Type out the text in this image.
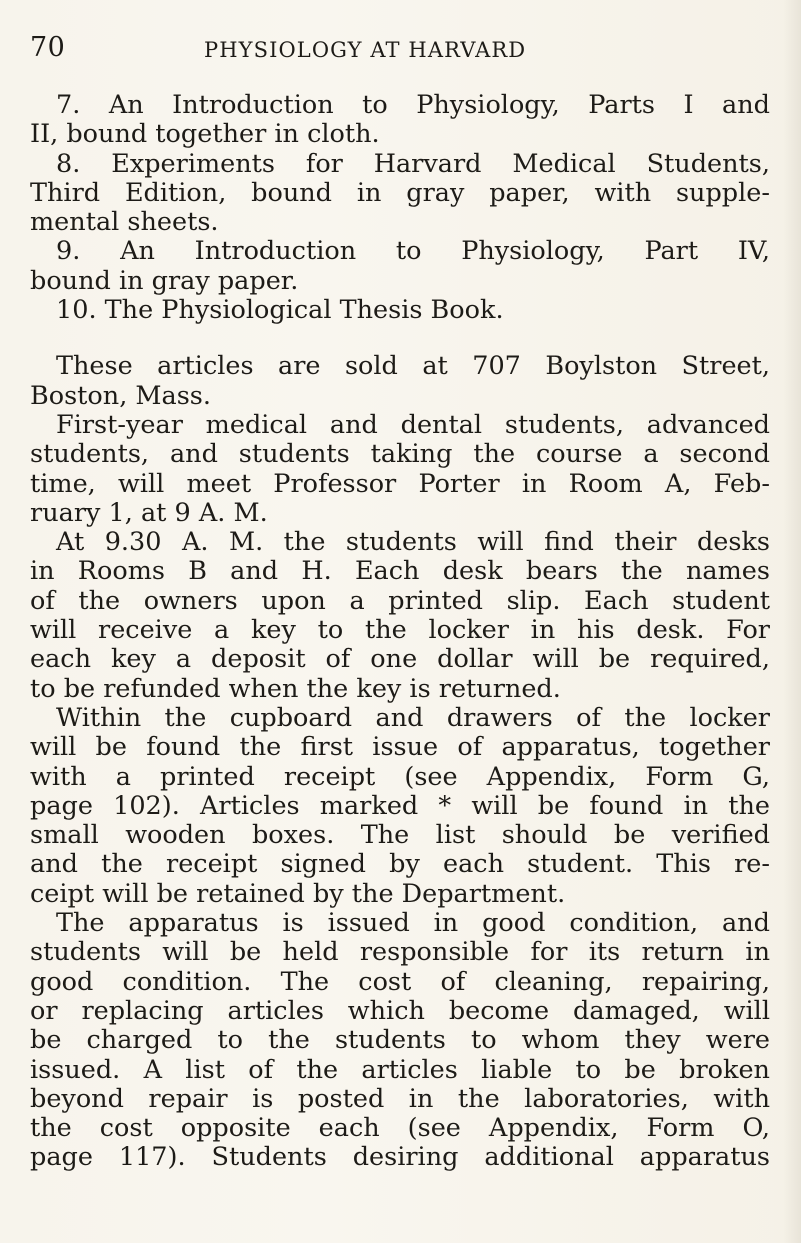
70	PHYSIOLOGY AT HARVARD
7. An Introduction to Physiology, Parts I and
II, bound together in cloth.
8. Experiments for Harvard Medical Students,
Third Edition, bound in gray paper, with supple-
mental sheets.
9. An Introduction to Physiology, Part IV,
bound in gray paper.
10. The Physiological Thesis Book.
These articles are sold at 707 Boylston Street,
Boston, Mass.
First-year medical and dental students, advanced
students, and students taking the course a second
time, will meet Professor Porter in Room A, Feb-
ruary 1, at 9 A. M.
At 9.30 A. M. the students will find their desks
in Rooms B and H. Each desk bears the names
of the owners upon a printed slip. Each student
will receive a key to the locker in his desk. For
each key a deposit of one dollar will be required,
to be refunded when the key is returned.
Within the cupboard and drawers of the locker
will be found the first issue of apparatus, together
with a printed receipt (see Appendix, Form G,
page 102). Articles marked * will be found in the
small wooden boxes. The list should be verified
and the receipt signed by each student. This re-
ceipt will be retained by the Department.
The apparatus is issued in good condition, and
students will be held responsible for its return in
good condition. The cost of cleaning, repairing,
or replacing articles which become damaged, will
be charged to the students to whom they were
issued. A list of the articles liable to be broken
beyond repair is posted in the laboratories, with
the cost opposite each (see Appendix, Form O,
page 117). Students desiring additional apparatus
